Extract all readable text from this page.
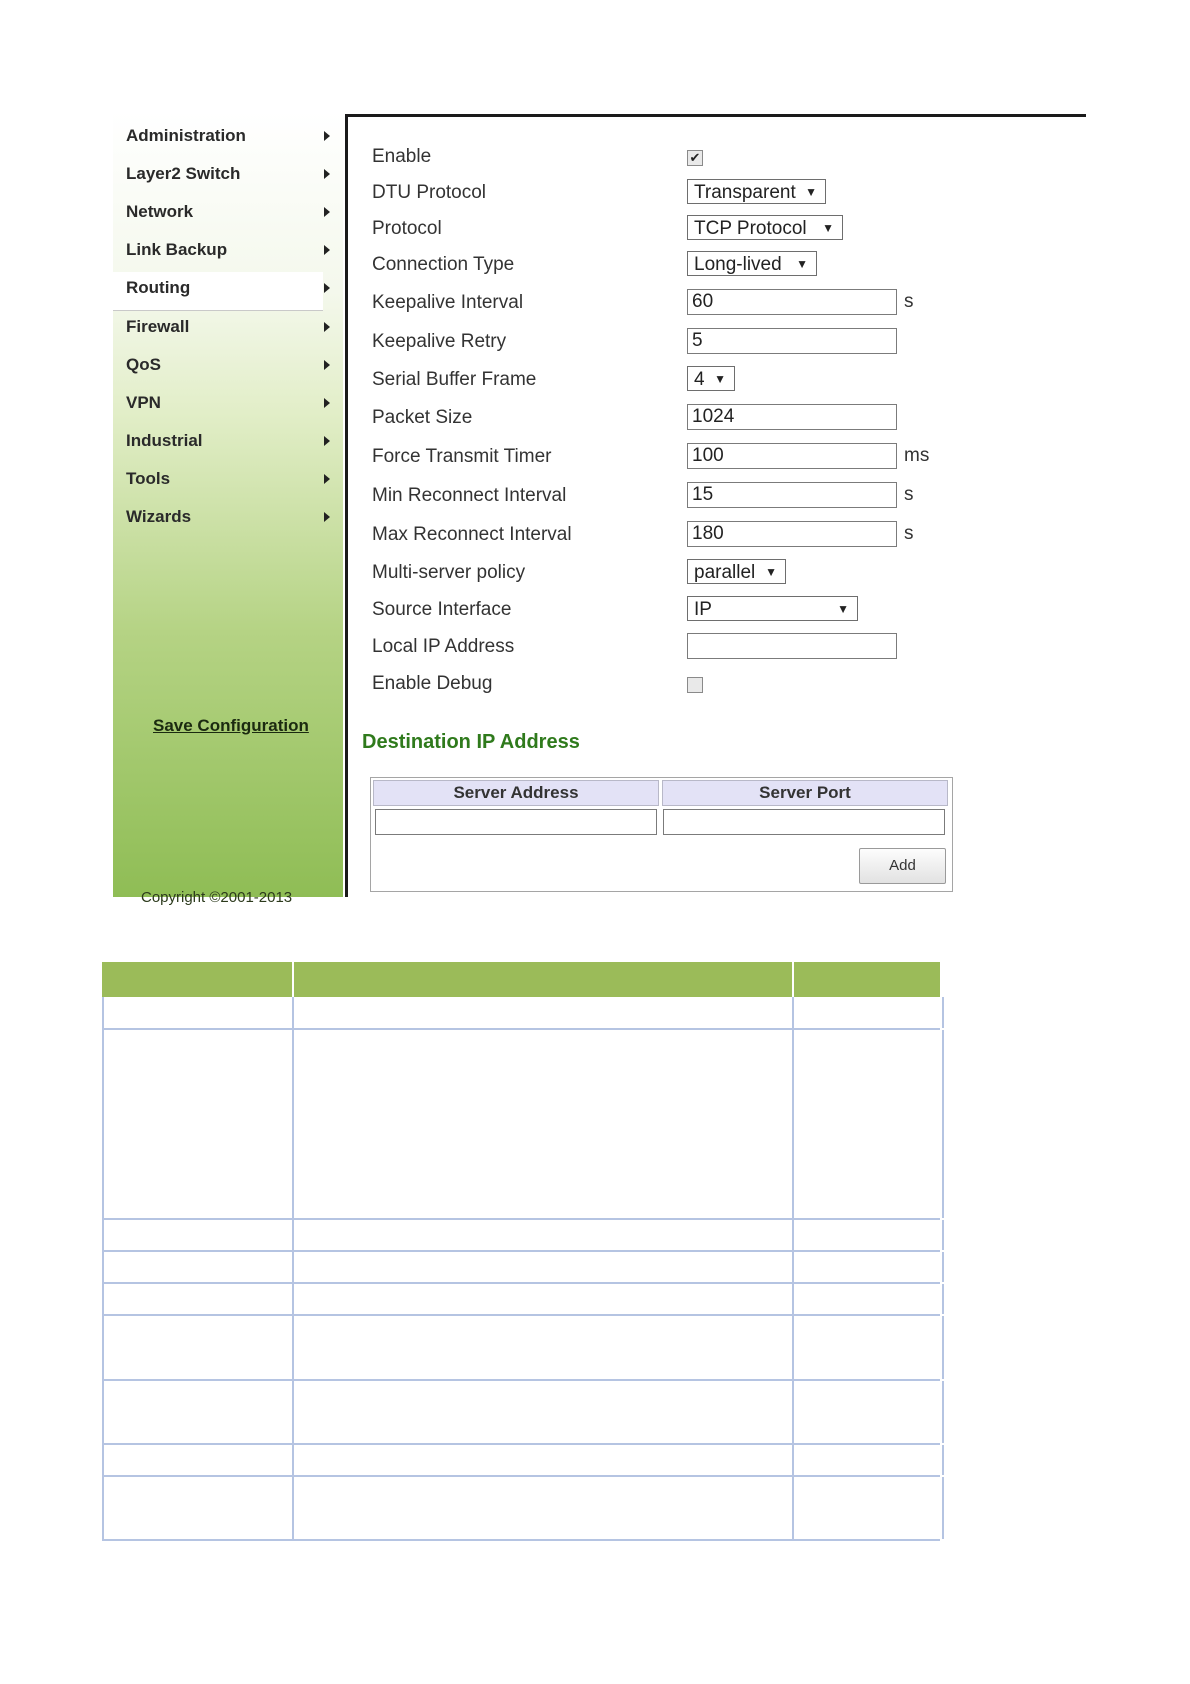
Administration
Layer2 Switch
Network
Link Backup
Routing
Firewall
QoS
VPN
Industrial
Tools
Wizards
Save Configuration
Copyright ©2001-2013
Enable	✔
DTU Protocol	Transparent ▼
Protocol	TCP Protocol ▼
Connection Type	Long-lived ▼
Keepalive Interval	60	s
Keepalive Retry	5
Serial Buffer Frame	4 ▼
Packet Size	1024
Force Transmit Timer	100	ms
Min Reconnect Interval	15	s
Max Reconnect Interval	180	s
Multi-server policy	parallel ▼
Source Interface	IP	▼
Local IP Address
Enable Debug
Destination IP Address
Server Address	Server Port
Add
